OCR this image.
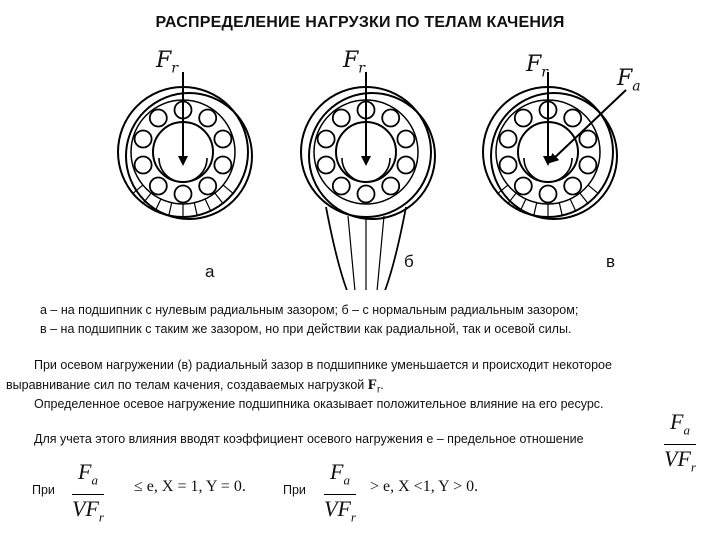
РАСПРЕДЕЛЕНИЕ НАГРУЗКИ ПО ТЕЛАМ КАЧЕНИЯ
а
б	в
$F_r$	$F_r$	$F_r$	$F_a$
а – на подшипник с нулевым радиальным зазором; б – с нормальным радиальным зазором;
в – на подшипник с таким же зазором, но при действии как радиальной, так и осевой силы.
При осевом нагружении (в) радиальный зазор в подшипнике уменьшается и происходит некоторое
выравнивание сил по телам качения, создаваемых нагрузкой $F_r$.
Определенное осевое нагружение подшипника оказывает положительное влияние на его ресурс.
Для учета этого влияния вводят коэффициент осевого нагружения е – предельное отношение
$F_a$
$VF_r$
При
$F_a$
$VF_r$
≤ e, X = 1, Y = 0.	При
$F_a$
$VF_r$
> e, X <1, Y > 0.
